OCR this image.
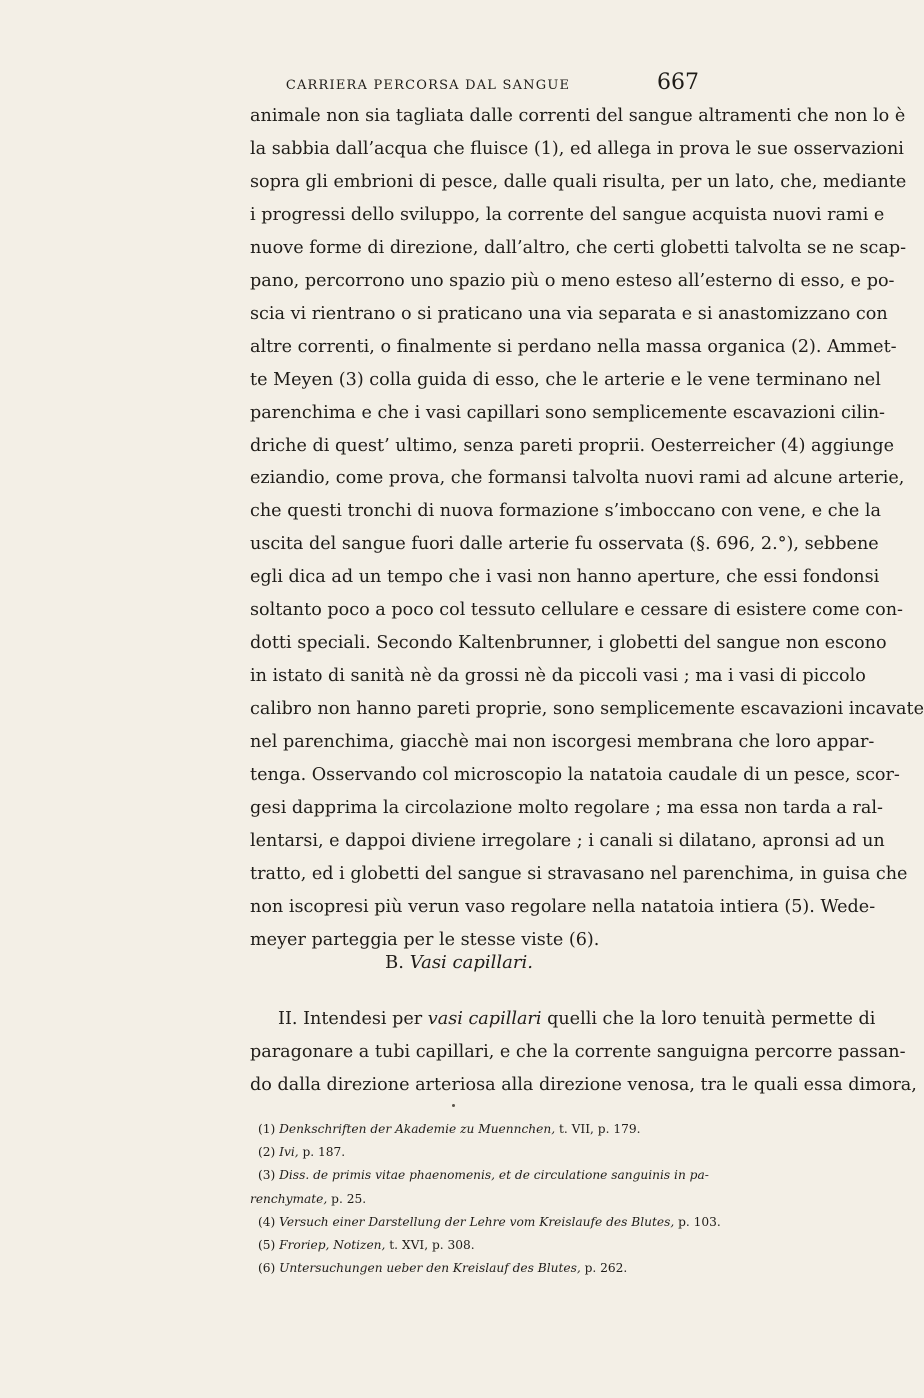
CARRIERA PERCORSA DAL SANGUE	667
animale non sia tagliata dalle correnti del sangue altramenti che non lo è
la sabbia dall’acqua che fluisce (1), ed allega in prova le sue osservazioni
sopra gli embrioni di pesce, dalle quali risulta, per un lato, che, mediante
i progressi dello sviluppo, la corrente del sangue acquista nuovi rami e
nuove forme di direzione, dall’altro, che certi globetti talvolta se ne scap-
pano, percorrono uno spazio più o meno esteso all’esterno di esso, e po-
scia vi rientrano o si praticano una via separata e si anastomizzano con
altre correnti, o finalmente si perdano nella massa organica (2). Ammet-
te Meyen (3) colla guida di esso, che le arterie e le vene terminano nel
parenchima e che i vasi capillari sono semplicemente escavazioni cilin-
driche di quest’ ultimo, senza pareti proprii. Oesterreicher (4) aggiunge
eziandio, come prova, che formansi talvolta nuovi rami ad alcune arterie,
che questi tronchi di nuova formazione s’imboccano con vene, e che la
uscita del sangue fuori dalle arterie fu osservata (§. 696, 2.°), sebbene
egli dica ad un tempo che i vasi non hanno aperture, che essi fondonsi
soltanto poco a poco col tessuto cellulare e cessare di esistere come con-
dotti speciali. Secondo Kaltenbrunner, i globetti del sangue non escono
in istato di sanità nè da grossi nè da piccoli vasi ; ma i vasi di piccolo
calibro non hanno pareti proprie, sono semplicemente escavazioni incavate
nel parenchima, giacchè mai non iscorgesi membrana che loro appar-
tenga. Osservando col microscopio la natatoia caudale di un pesce, scor-
gesi dapprima la circolazione molto regolare ; ma essa non tarda a ral-
lentarsi, e dappoi diviene irregolare ; i canali si dilatano, apronsi ad un
tratto, ed i globetti del sangue si stravasano nel parenchima, in guisa che
non iscopresi più verun vaso regolare nella natatoia intiera (5). Wede-
meyer parteggia per le stesse viste (6).
B. Vasi capillari.
II. Intendesi per vasi capillari quelli che la loro tenuità permette di
paragonare a tubi capillari, e che la corrente sanguigna percorre passan-
do dalla direzione arteriosa alla direzione venosa, tra le quali essa dimora,
(1) Denkschriften der Akademie zu Muennchen, t. VII, p. 179.
(2) Ivi, p. 187.
(3) Diss. de primis vitae phaenomenis, et de circulatione sanguinis in pa-
renchymate, p. 25.
(4) Versuch einer Darstellung der Lehre vom Kreislaufe des Blutes, p. 103.
(5) Froriep, Notizen, t. XVI, p. 308.
(6) Untersuchungen ueber den Kreislauf des Blutes, p. 262.
